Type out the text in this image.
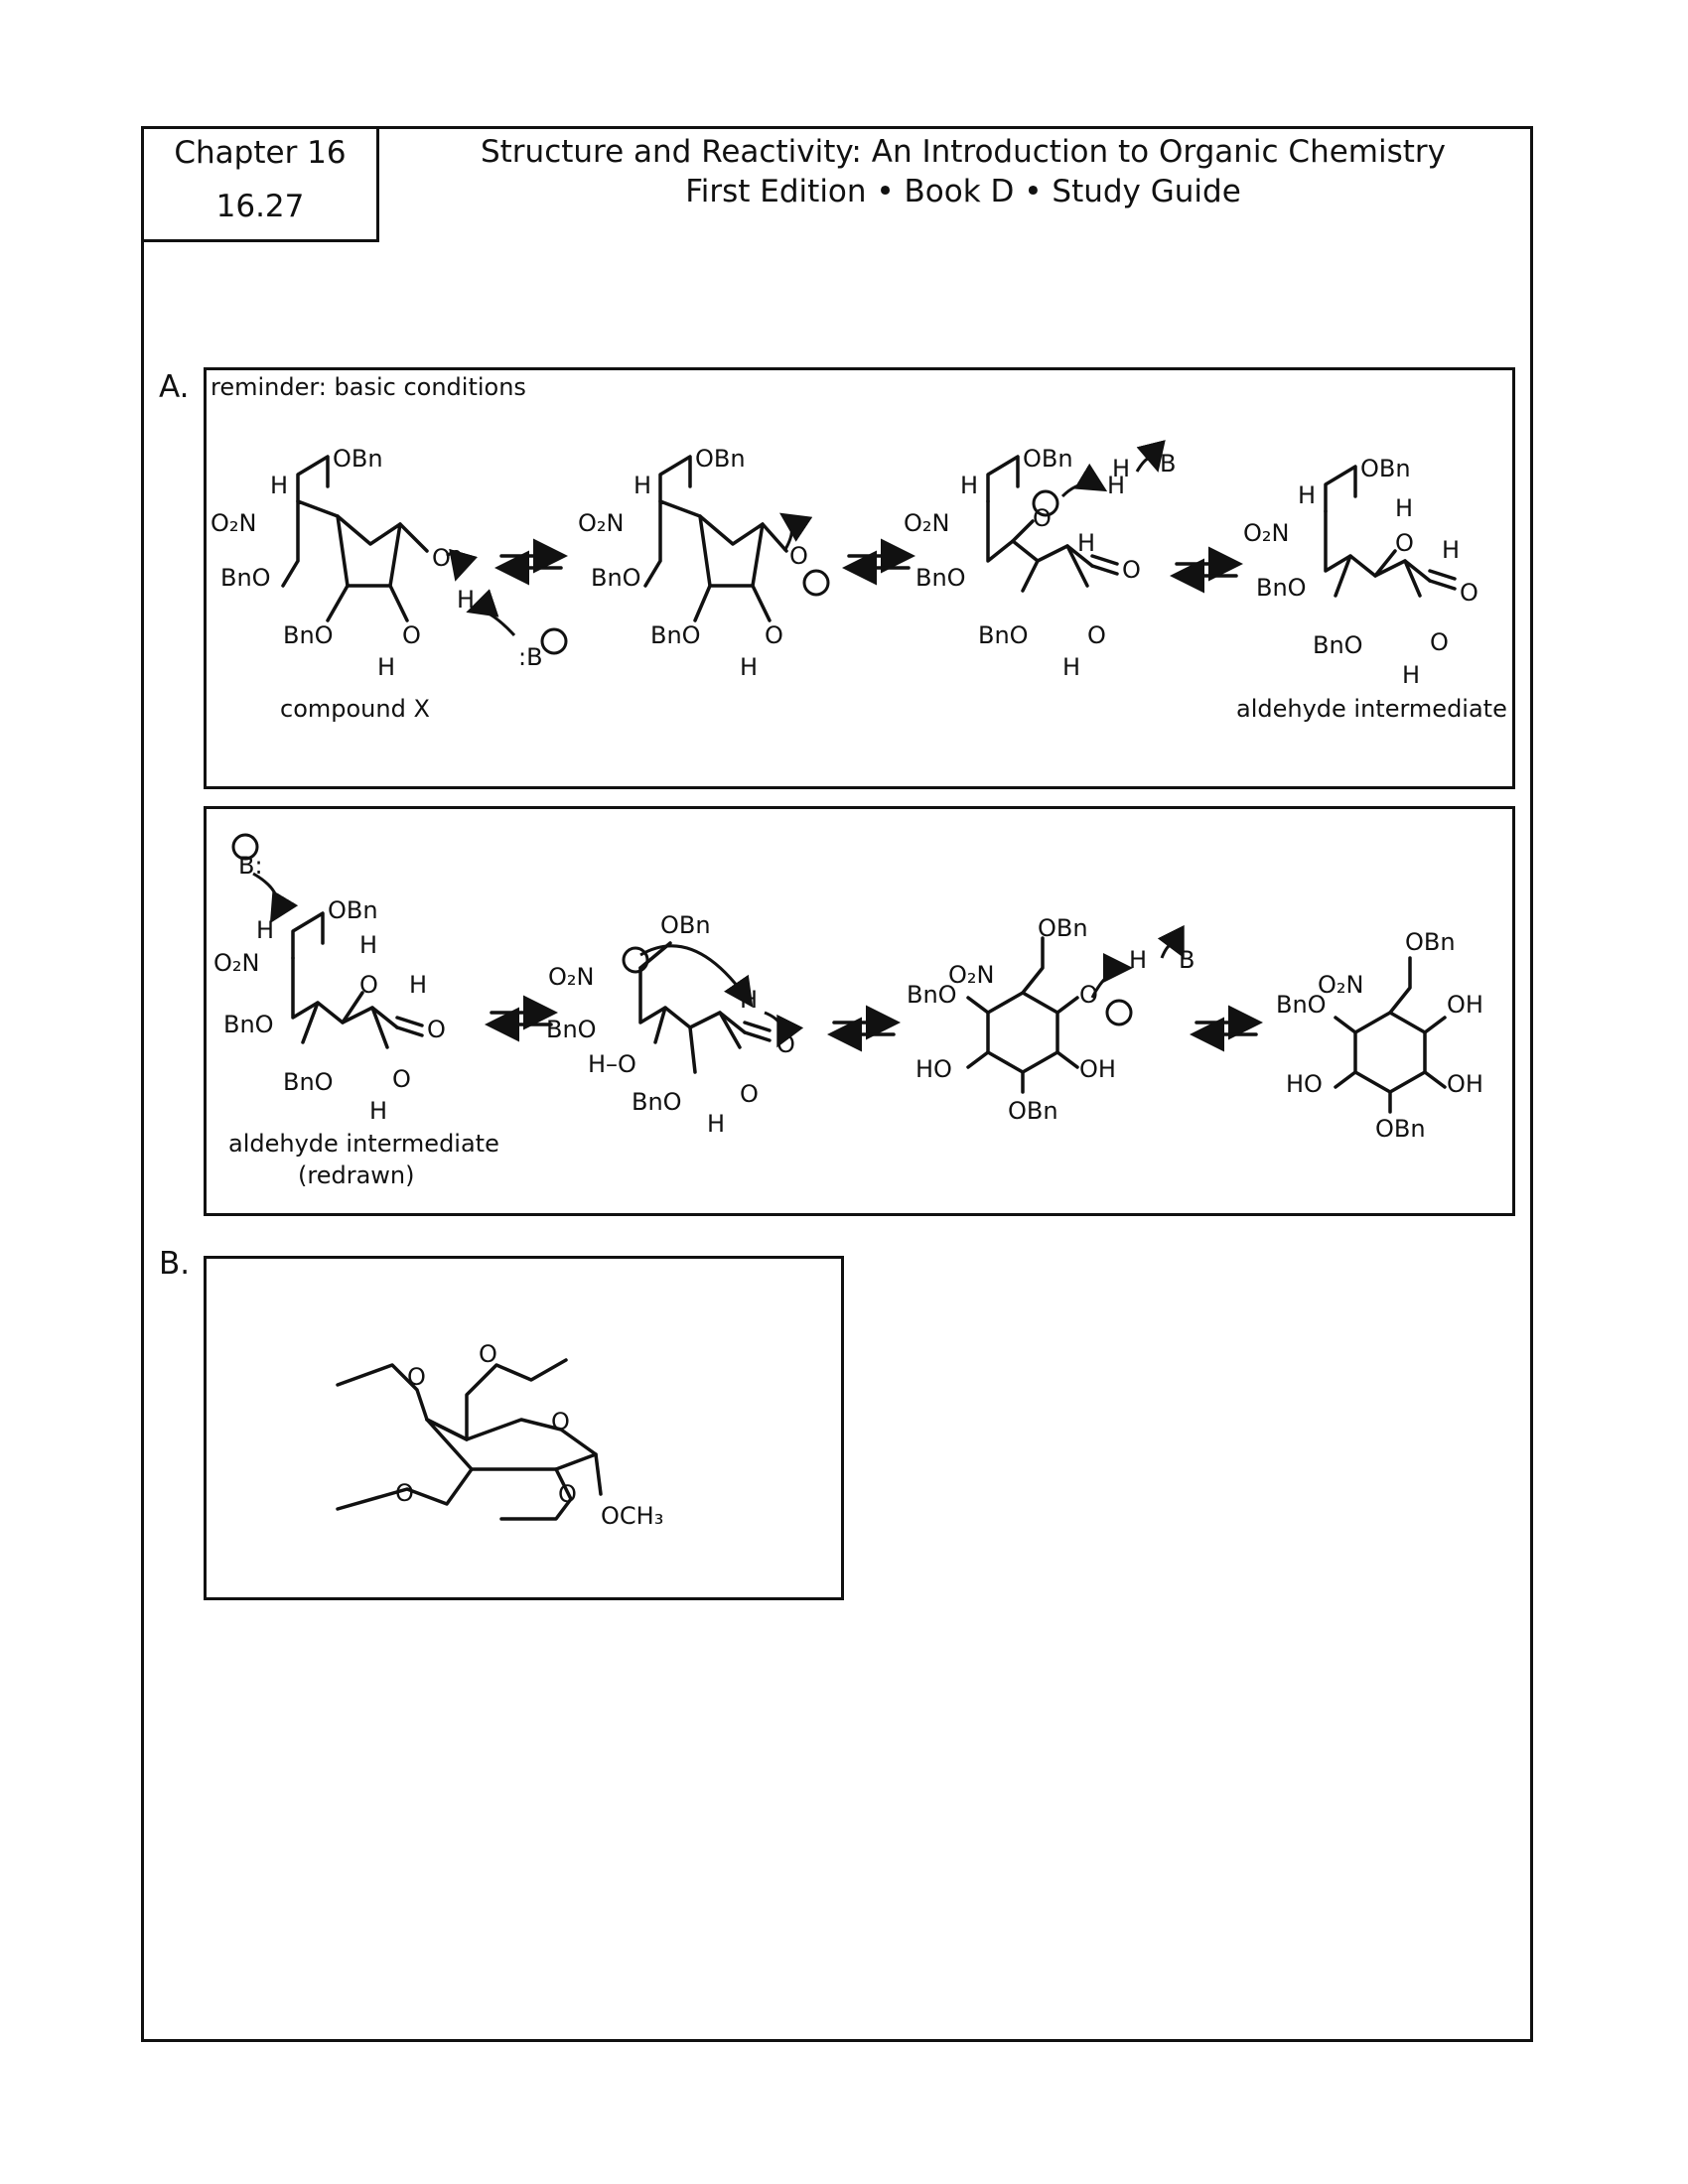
Chapter 16
16.27
Structure and Reactivity: An Introduction to Organic Chemistry
First Edition • Book D • Study Guide
A.
B.
reminder: basic conditions
OBn
H
O₂N
BnO
BnO
O
H
O
H	:B
compound X
OBn
H
O₂N
BnO
BnO
O
O
H
OBn
H
O₂N
BnO
BnO
O
H
B
H
H
O
O
H
OBn
H
O₂N
BnO
BnO
H
O H
O
O
H
aldehyde intermediate
B:
OBn
H
O₂N
BnO
BnO
H
O H
O
O
H
aldehyde intermediate
(redrawn)
OBn
O₂N
BnO
H–O
BnO
H
O
O
H
OBn
O₂N
BnO	O
H B
HO	OH
OBn
OBn
O₂N
BnO	OH
HO	OH
OBn
O
O
O
O	O
OCH₃
